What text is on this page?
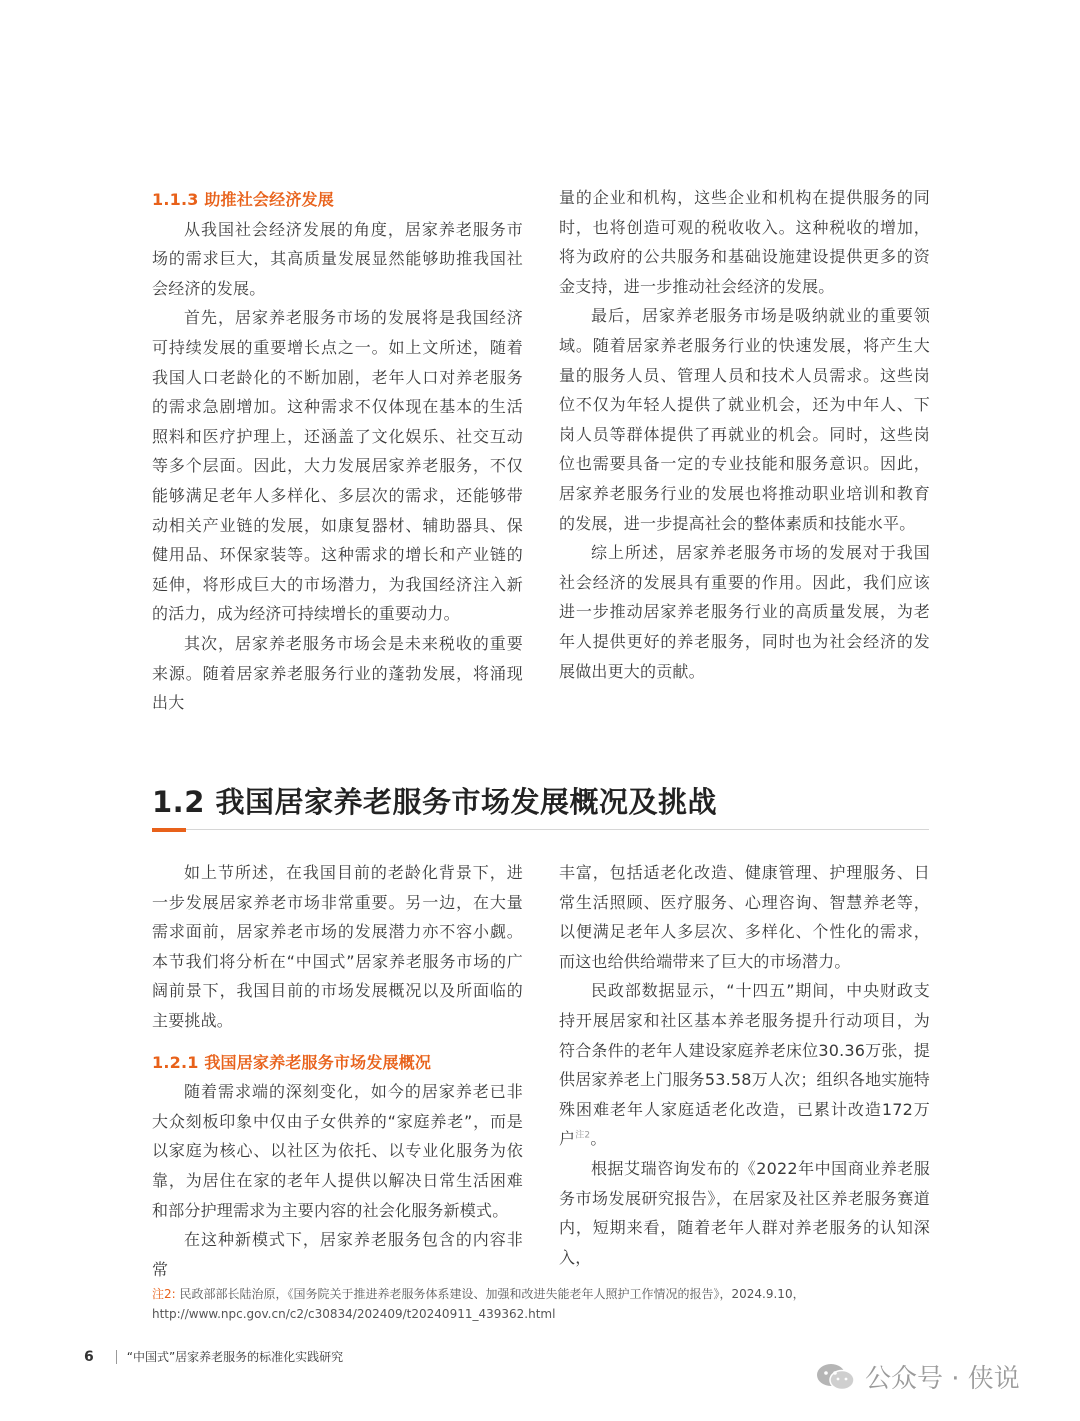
1.1.3 助推社会经济发展

从我国社会经济发展的角度，居家养老服务市场的需求巨大，其高质量发展显然能够助推我国社会经济的发展。

首先，居家养老服务市场的发展将是我国经济可持续发展的重要增长点之一。如上文所述，随着我国人口老龄化的不断加剧，老年人口对养老服务的需求急剧增加。这种需求不仅体现在基本的生活照料和医疗护理上，还涵盖了文化娱乐、社交互动等多个层面。因此，大力发展居家养老服务，不仅能够满足老年人多样化、多层次的需求，还能够带动相关产业链的发展，如康复器材、辅助器具、保健用品、环保家装等。这种需求的增长和产业链的延伸，将形成巨大的市场潜力，为我国经济注入新的活力，成为经济可持续增长的重要动力。

其次，居家养老服务市场会是未来税收的重要来源。随着居家养老服务行业的蓬勃发展，将涌现出大

量的企业和机构，这些企业和机构在提供服务的同时，也将创造可观的税收收入。这种税收的增加，将为政府的公共服务和基础设施建设提供更多的资金支持，进一步推动社会经济的发展。

最后，居家养老服务市场是吸纳就业的重要领域。随着居家养老服务行业的快速发展，将产生大量的服务人员、管理人员和技术人员需求。这些岗位不仅为年轻人提供了就业机会，还为中年人、下岗人员等群体提供了再就业的机会。同时，这些岗位也需要具备一定的专业技能和服务意识。因此，居家养老服务行业的发展也将推动职业培训和教育的发展，进一步提高社会的整体素质和技能水平。

综上所述，居家养老服务市场的发展对于我国社会经济的发展具有重要的作用。因此，我们应该进一步推动居家养老服务行业的高质量发展，为老年人提供更好的养老服务，同时也为社会经济的发展做出更大的贡献。

1.2 我国居家养老服务市场发展概况及挑战

如上节所述，在我国目前的老龄化背景下，进一步发展居家养老市场非常重要。另一边，在大量需求面前，居家养老市场的发展潜力亦不容小觑。本节我们将分析在“中国式”居家养老服务市场的广阔前景下，我国目前的市场发展概况以及所面临的主要挑战。

1.2.1 我国居家养老服务市场发展概况

随着需求端的深刻变化，如今的居家养老已非大众刻板印象中仅由子女供养的“家庭养老”，而是以家庭为核心、以社区为依托、以专业化服务为依靠，为居住在家的老年人提供以解决日常生活困难和部分护理需求为主要内容的社会化服务新模式。

在这种新模式下，居家养老服务包含的内容非常

丰富，包括适老化改造、健康管理、护理服务、日常生活照顾、医疗服务、心理咨询、智慧养老等，以便满足老年人多层次、多样化、个性化的需求，而这也给供给端带来了巨大的市场潜力。

民政部数据显示，“十四五”期间，中央财政支持开展居家和社区基本养老服务提升行动项目，为符合条件的老年人建设家庭养老床位30.36万张，提供居家养老上门服务53.58万人次；组织各地实施特殊困难老年人家庭适老化改造，已累计改造172万户$^{注2}$。

根据艾瑞咨询发布的《2022年中国商业养老服务市场发展研究报告》，在居家及社区养老服务赛道内，短期来看，随着老年人群对养老服务的认知深入，

注2: 民政部部长陆治原，《国务院关于推进养老服务体系建设、加强和改进失能老年人照护工作情况的报告》，2024.9.10，http://www.npc.gov.cn/c2/c30834/202409/t20240911_439362.html
6	“中国式”居家养老服务的标准化实践研究
公众号 · 侠说
